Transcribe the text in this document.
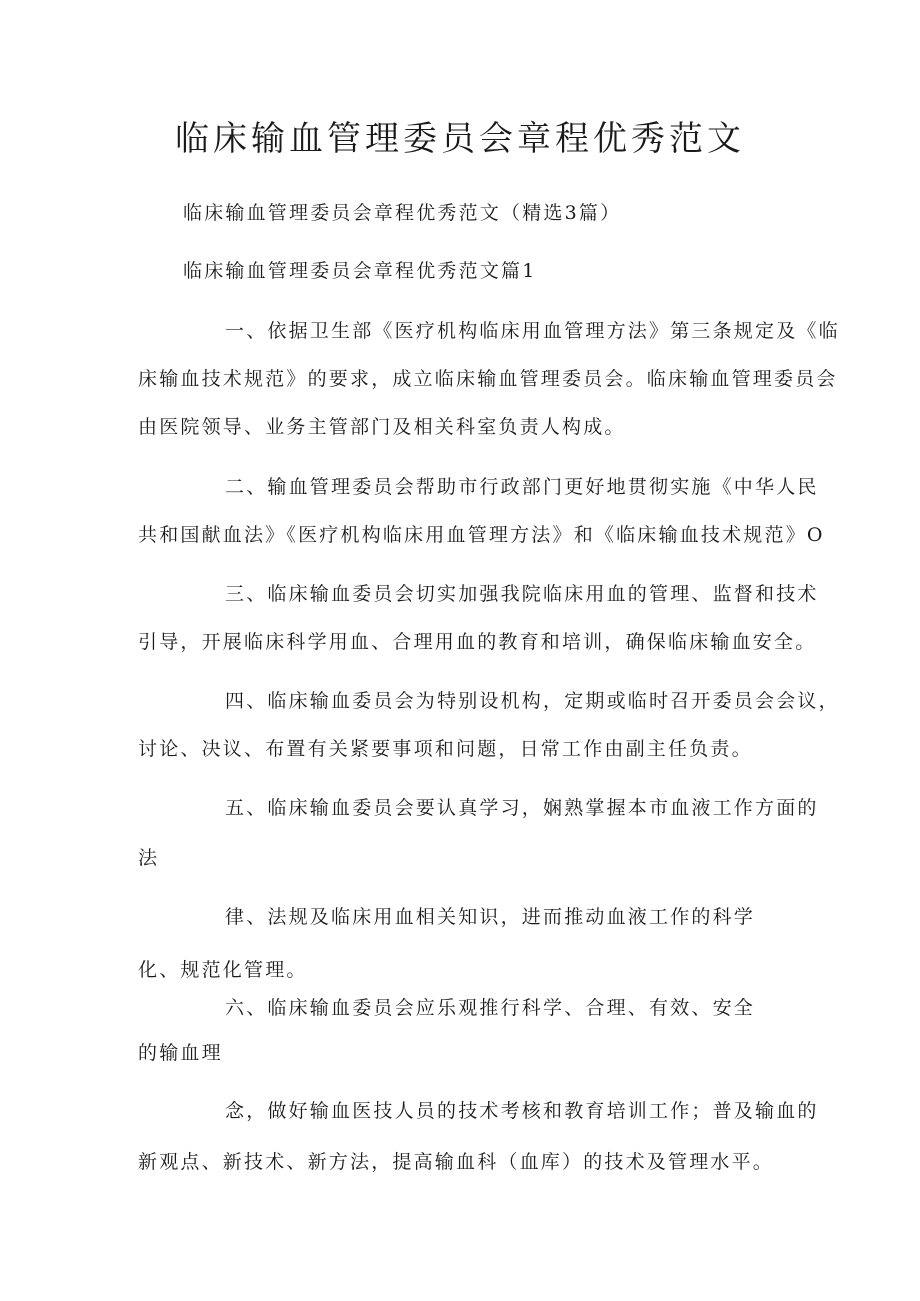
临床输血管理委员会章程优秀范文

临床输血管理委员会章程优秀范文（精选3篇）

临床输血管理委员会章程优秀范文篇1

一、依据卫生部《医疗机构临床用血管理方法》第三条规定及《临

床输血技术规范》的要求，成立临床输血管理委员会。临床输血管理委员会

由医院领导、业务主管部门及相关科室负责人构成。

二、输血管理委员会帮助市行政部门更好地贯彻实施《中华人民

共和国献血法》《医疗机构临床用血管理方法》和《临床输血技术规范》O

三、临床输血委员会切实加强我院临床用血的管理、监督和技术

引导，开展临床科学用血、合理用血的教育和培训，确保临床输血安全。

四、临床输血委员会为特别设机构，定期或临时召开委员会会议，

讨论、决议、布置有关紧要事项和问题，日常工作由副主任负责。

五、临床输血委员会要认真学习，娴熟掌握本市血液工作方面的

法

律、法规及临床用血相关知识，进而推动血液工作的科学

化、规范化管理。

六、临床输血委员会应乐观推行科学、合理、有效、安全

的输血理

念，做好输血医技人员的技术考核和教育培训工作；普及输血的

新观点、新技术、新方法，提高输血科（血库）的技术及管理水平。
